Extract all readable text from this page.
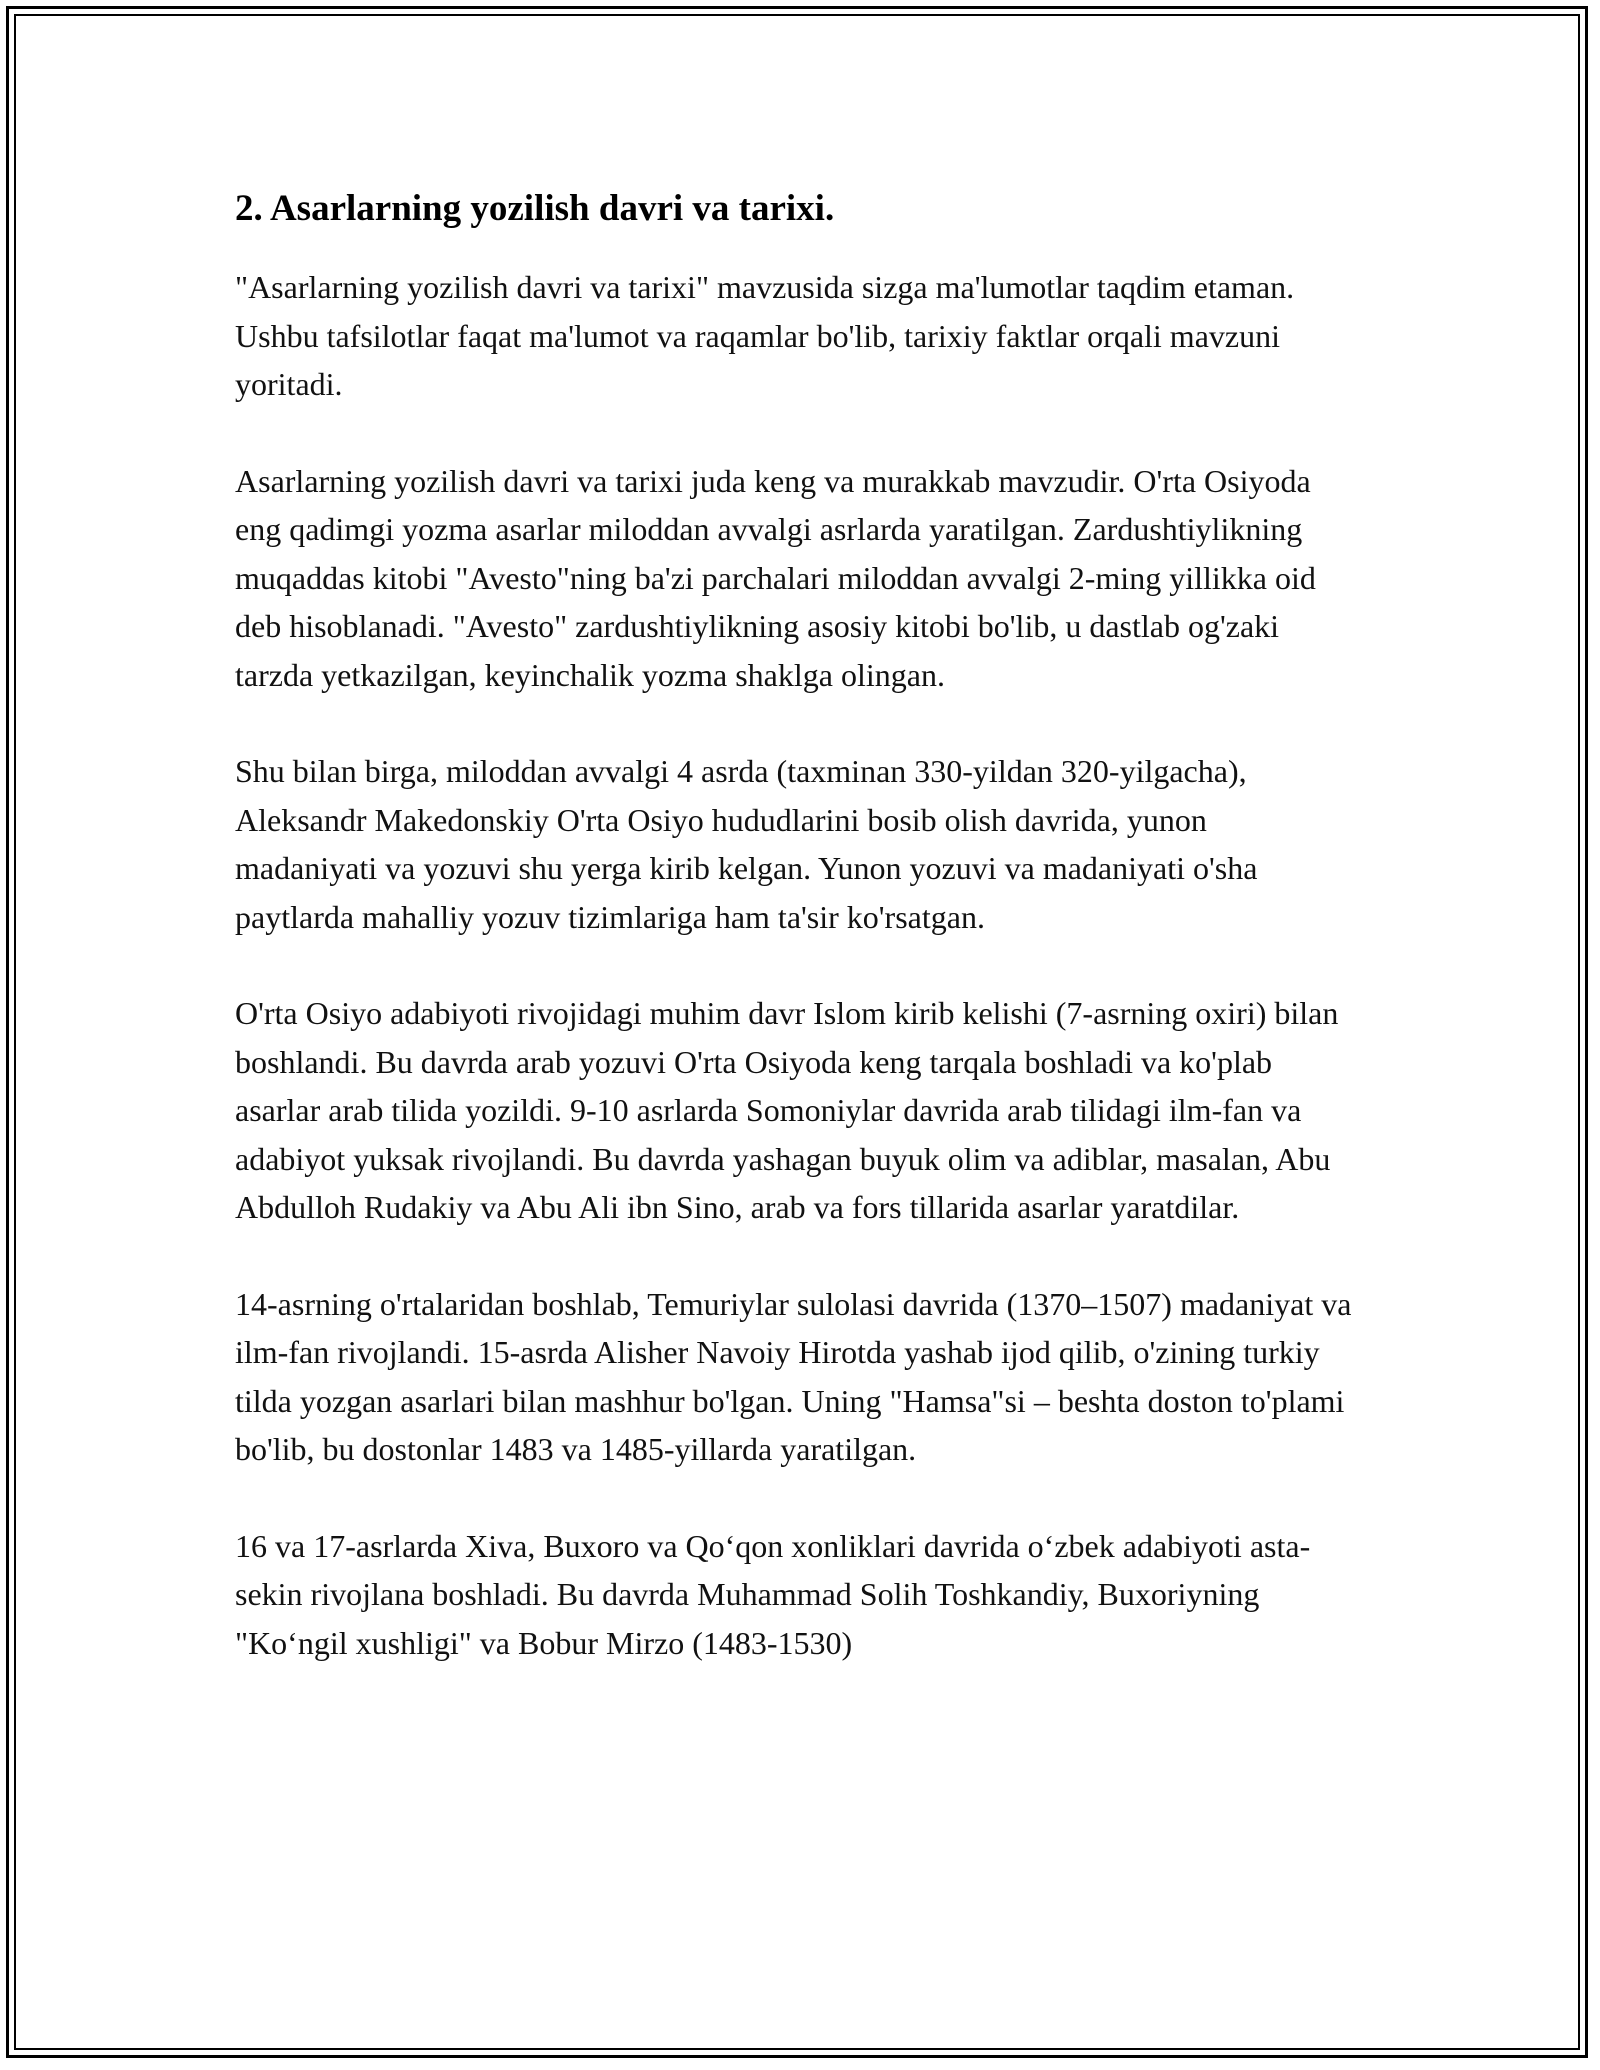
2. Asarlarning yozilish davri va tarixi.

"Asarlarning yozilish davri va tarixi" mavzusida sizga ma'lumotlar taqdim etaman. Ushbu tafsilotlar faqat ma'lumot va raqamlar bo'lib, tarixiy faktlar orqali mavzuni yoritadi.

Asarlarning yozilish davri va tarixi juda keng va murakkab mavzudir. O'rta Osiyoda eng qadimgi yozma asarlar miloddan avvalgi asrlarda yaratilgan. Zardushtiylikning muqaddas kitobi "Avesto"ning ba'zi parchalari miloddan avvalgi 2-ming yillikka oid deb hisoblanadi. "Avesto" zardushtiylikning asosiy kitobi bo'lib, u dastlab og'zaki tarzda yetkazilgan, keyinchalik yozma shaklga olingan.

Shu bilan birga, miloddan avvalgi 4 asrda (taxminan 330-yildan 320-yilgacha), Aleksandr Makedonskiy O'rta Osiyo hududlarini bosib olish davrida, yunon madaniyati va yozuvi shu yerga kirib kelgan. Yunon yozuvi va madaniyati o'sha paytlarda mahalliy yozuv tizimlariga ham ta'sir ko'rsatgan.

O'rta Osiyo adabiyoti rivojidagi muhim davr Islom kirib kelishi (7-asrning oxiri) bilan boshlandi. Bu davrda arab yozuvi O'rta Osiyoda keng tarqala boshladi va ko'plab asarlar arab tilida yozildi. 9-10 asrlarda Somoniylar davrida arab tilidagi ilm-fan va adabiyot yuksak rivojlandi. Bu davrda yashagan buyuk olim va adiblar, masalan, Abu Abdulloh Rudakiy va Abu Ali ibn Sino, arab va fors tillarida asarlar yaratdilar.

14-asrning o'rtalaridan boshlab, Temuriylar sulolasi davrida (1370–1507) madaniyat va ilm-fan rivojlandi. 15-asrda Alisher Navoiy Hirotda yashab ijod qilib, o'zining turkiy tilda yozgan asarlari bilan mashhur bo'lgan. Uning "Hamsa"si – beshta doston to'plami bo'lib, bu dostonlar 1483 va 1485-yillarda yaratilgan.

16 va 17-asrlarda Xiva, Buxoro va Qo‘qon xonliklari davrida o‘zbek adabiyoti asta-sekin rivojlana boshladi. Bu davrda Muhammad Solih Toshkandiy, Buxoriyning "Ko‘ngil xushligi" va Bobur Mirzo (1483-1530)
